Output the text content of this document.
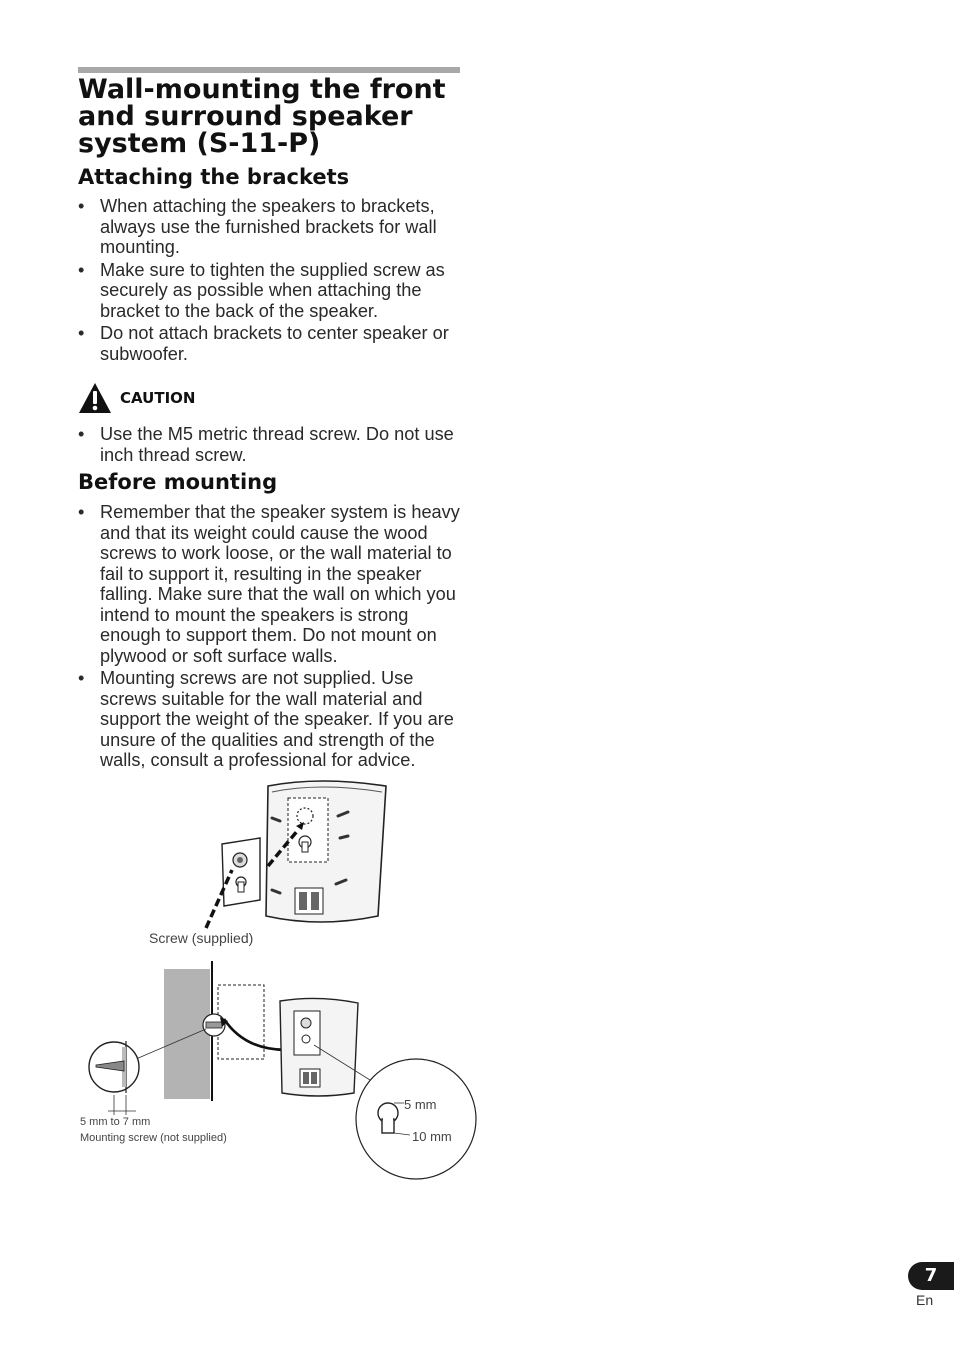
Wall-mounting the front and surround speaker system (S-11-P)
Attaching the brackets
• When attaching the speakers to brackets, always use the furnished brackets for wall mounting.
• Make sure to tighten the supplied screw as securely as possible when attaching the bracket to the back of the speaker.
• Do not attach brackets to center speaker or subwoofer.
CAUTION
• Use the M5 metric thread screw. Do not use inch thread screw.
Before mounting
• Remember that the speaker system is heavy and that its weight could cause the wood screws to work loose, or the wall material to fail to support it, resulting in the speaker falling. Make sure that the wall on which you intend to mount the speakers is strong enough to support them. Do not mount on plywood or soft surface walls.
• Mounting screws are not supplied. Use screws suitable for the wall material and support the weight of the speaker. If you are unsure of the qualities and strength of the walls, consult a professional for advice.
Screw (supplied)
5 mm to 7 mm
Mounting screw (not supplied)
5 mm
10 mm
7
En
